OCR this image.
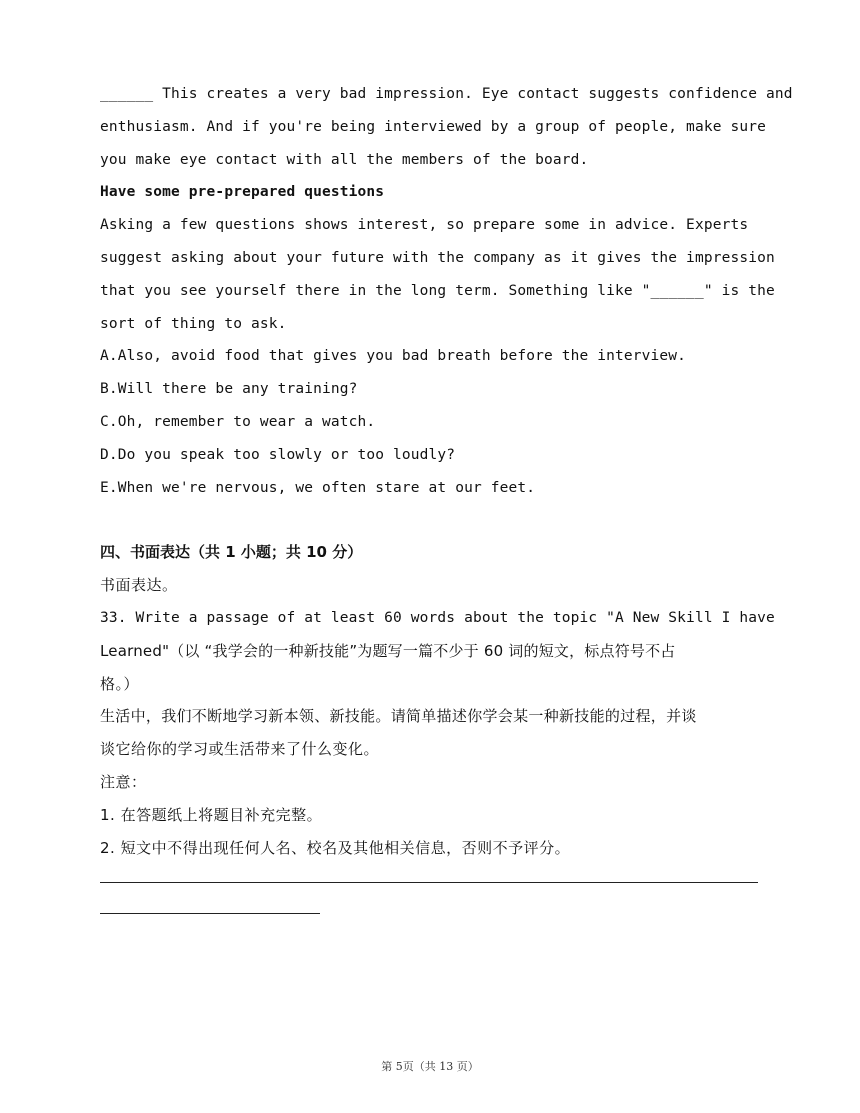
______ This creates a very bad impression. Eye contact suggests confidence and
enthusiasm. And if you're being interviewed by a group of people, make sure
you make eye contact with all the members of the board.
Have some pre-prepared questions
Asking a few questions shows interest, so prepare some in advice. Experts
suggest asking about your future with the company as it gives the impression
that you see yourself there in the long term. Something like "______" is the
sort of thing to ask.
A.Also, avoid food that gives you bad breath before the interview.
B.Will there be any training?
C.Oh, remember to wear a watch.
D.Do you speak too slowly or too loudly?
E.When we're nervous, we often stare at our feet.
四、书面表达（共 1 小题；共 10 分）
书面表达。
33. Write a passage of at least 60 words about the topic "A New Skill I have
Learned"（以 “我学会的一种新技能”为题写一篇不少于 60 词的短文，标点符号不占
格。）
生活中，我们不断地学习新本领、新技能。请简单描述你学会某一种新技能的过程，并谈
谈它给你的学习或生活带来了什么变化。
注意：
1. 在答题纸上将题目补充完整。
2. 短文中不得出现任何人名、校名及其他相关信息，否则不予评分。
第 5页（共 13 页）
